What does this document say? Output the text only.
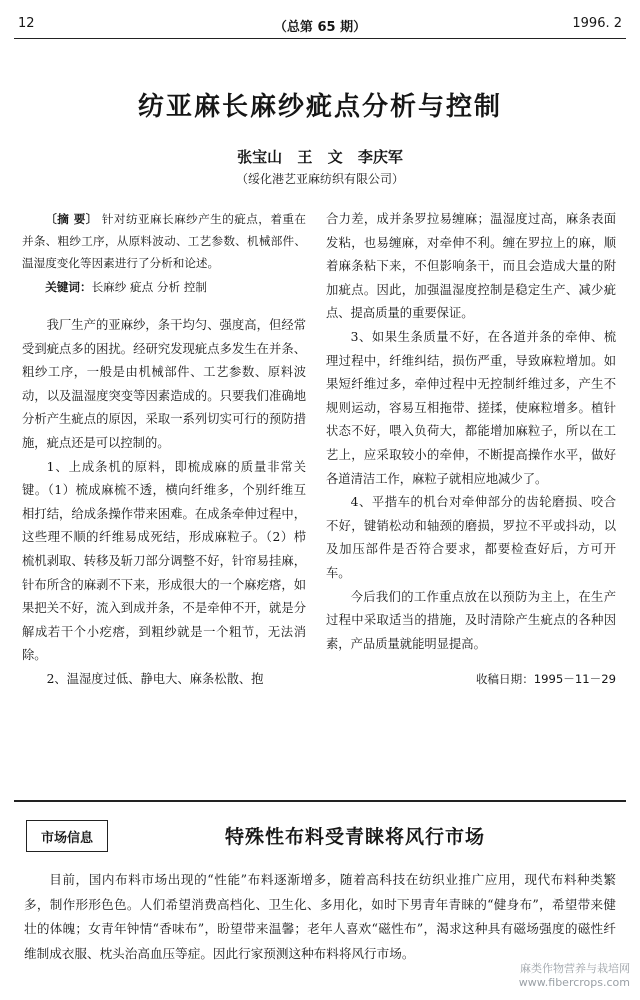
12	（总第 65 期）	1996. 2
纺亚麻长麻纱疵点分析与控制
张宝山 王 文 李庆军
（绥化港艺亚麻纺织有限公司）

〔摘 要〕 针对纺亚麻长麻纱产生的疵点，着重在并条、粗纱工序，从原料波动、工艺参数、机械部件、温湿度变化等因素进行了分析和论述。

关键词：长麻纱 疵点 分析 控制

我厂生产的亚麻纱，条干均匀、强度高，但经常受到疵点多的困扰。经研究发现疵点多发生在并条、粗纱工序，一般是由机械部件、工艺参数、原料波动，以及温湿度突变等因素造成的。只要我们准确地分析产生疵点的原因，采取一系列切实可行的预防措施，疵点还是可以控制的。

1、上成条机的原料，即梳成麻的质量非常关键。（1）梳成麻梳不透，横向纤维多，个别纤维互相打结，给成条操作带来困难。在成条牵伸过程中，这些理不顺的纤维易成死结，形成麻粒子。（2）栉梳机剥取、转移及斩刀部分调整不好，针帘易挂麻，针布所含的麻剥不下来，形成很大的一个麻疙瘩，如果把关不好，流入到成并条，不是牵伸不开，就是分解成若干个小疙瘩，到粗纱就是一个粗节，无法消除。

2、温湿度过低、静电大、麻条松散、抱

合力差，成并条罗拉易缠麻；温湿度过高，麻条表面发粘，也易缠麻，对牵伸不利。缠在罗拉上的麻，顺着麻条粘下来，不但影响条干，而且会造成大量的附加疵点。因此，加强温湿度控制是稳定生产、减少疵点、提高质量的重要保证。

3、如果生条质量不好，在各道并条的牵伸、梳理过程中，纤维纠结，损伤严重，导致麻粒增加。如果短纤维过多，牵伸过程中无控制纤维过多，产生不规则运动，容易互相拖带、搓揉，使麻粒增多。植针状态不好，喂入负荷大，都能增加麻粒子，所以在工艺上，应采取较小的牵伸，不断提高操作水平，做好各道清洁工作，麻粒子就相应地减少了。

4、平揩车的机台对牵伸部分的齿轮磨损、咬合不好，键销松动和轴颈的磨损，罗拉不平或抖动，以及加压部件是否符合要求，都要检查好后，方可开车。

今后我们的工作重点放在以预防为主上，在生产过程中采取适当的措施，及时清除产生疵点的各种因素，产品质量就能明显提高。

收稿日期：1995－11－29

市场信息	特殊性布料受青睐将风行市场

目前，国内布料市场出现的“性能”布料逐渐增多，随着高科技在纺织业推广应用，现代布料种类繁多，制作形形色色。人们希望消费高档化、卫生化、多用化，如时下男青年青睐的“健身布”，希望带来健壮的体魄；女青年钟情“香味布”，盼望带来温馨；老年人喜欢“磁性布”，渴求这种具有磁场强度的磁性纤维制成衣服、枕头治高血压等症。因此行家预测这种布料将风行市场。

麻类作物营养与栽培网
www.fibercrops.com
